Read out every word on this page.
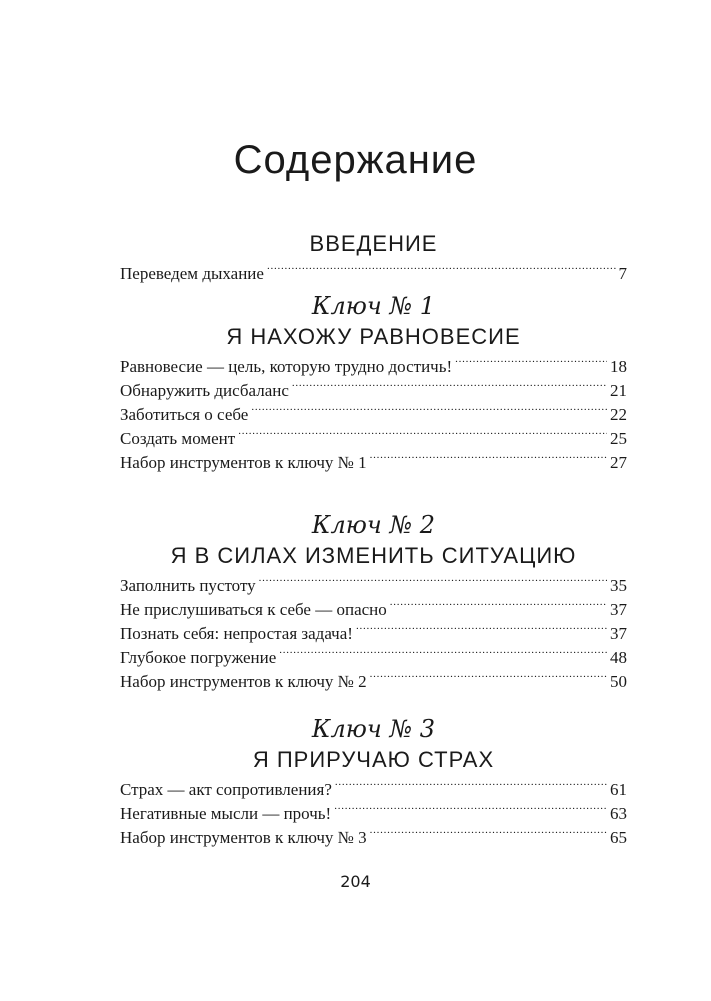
Содержание
ВВЕДЕНИЕ
Переведем дыхание . . .	7
Ключ № 1
Я НАХОЖУ РАВНОВЕСИЕ
Равновесие — цель, которую трудно достичь! . . .	18
Обнаружить дисбаланс . . .	21
Заботиться о себе . . .	22
Создать момент . . .	25
Набор инструментов к ключу № 1 . . .	27
Ключ № 2
Я В СИЛАХ ИЗМЕНИТЬ СИТУАЦИЮ
Заполнить пустоту . . .	35
Не прислушиваться к себе — опасно . . .	37
Познать себя: непростая задача! . . .	37
Глубокое погружение . . .	48
Набор инструментов к ключу № 2 . . .	50
Ключ № 3
Я ПРИРУЧАЮ СТРАХ
Страх — акт сопротивления? . . .	61
Негативные мысли — прочь! . . .	63
Набор инструментов к ключу № 3 . . .	65
204
